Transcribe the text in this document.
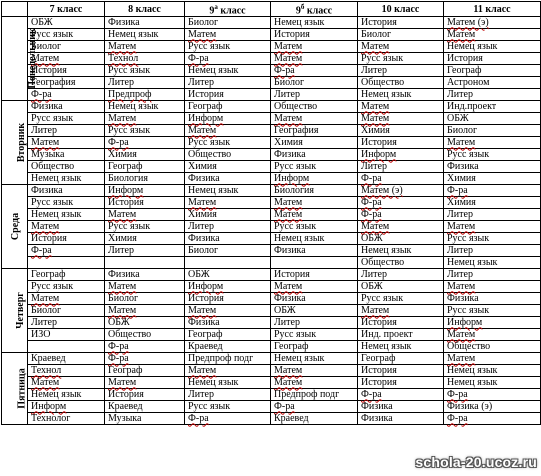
	7 класс	8 класс	$9^а$ класс	$9^б$ класс	10 класс	11 класс
Понедельник	ОБЖ	Физика	Биолог	Немец язык	История	Матем (э)
	Русс язык	Немец язык	Матем	История	Биолог	Матем
	Биолог	Матем	Русс язык	Матем	Матем	Немец язык
	Матем	Технол	Ф-ра	Матем	Русс язык	История
	История	Русс язык	Немец язык	Ф-ра	Литер	Географ
	География	Литер	Литер	Биолог	Общество	Астроном
	Ф-ра	Предпроф	История	Литер	Немец язык	Литер
Вторник	Физика	Немец язык	Географ	Общество	Матем	Инд.проект
	Русс язык	Матем	Информ	Матем	Матем	ОБЖ
	Литер	Русс язык	Матем	География	Химия	Биолог
	Матем	Ф-ра	Русс язык	Химия	История	Матем
	Музыка	Химия	Общество	Физика	Информ	Русс язык
	Общество	Географ	Химия	Русс язык	Литер	Физика
	Немец язык	Биология	Физика	Информ	Ф-ра	Химия
Среда	Физика	Информ	Немец язык	Биология	Матем (э)	Ф-ра
	Русс язык	История	Матем	Матем	Ф-ра	Химия
	Немец язык	Матем	Химия	Матем	Ф-ра	Литер
	Матем	Русс язык	Литер	Русс язык	Матем	Матем
	История	Химия	Физика	Немец язык	ОБЖ	Русс язык
	Ф-ра	Литер	Биолог	Физика	Немец язык	Литер
					Общество	Немец язык
Четверг	Географ	Физика	ОБЖ	История	Литер	Литер
	Русс язык	Матем	Информ	Матем	ОБЖ	Матем
	Матем	Биолог	История	Физика	Русс язык	Физика
	Биолог	Матем	Матем	ОБЖ	Матем	Русс язык
	Литер	ОБЖ	Физика	Литер	История	Информ
	ИЗО	Общество	Географ	Русс язык	Инд. проект	Матем
		Ф-ра	Краевед	Географ	Немец язык	Общество
Пятница	Краевед	Ф-ра	Предпроф подг	Немец язык	Географ	Матем
	Технол	Географ	Матем	Матем	История	Немец язык
	Матем	Матем	Немец язык	Матем	История	Немец язык
	Немец язык	История	Литер	Предпроф подг	Ф-ра	Ф-ра
	Информ	Краевед	Русс язык	Ф-ра	Физика	Физика (э)
	Технолог	Музыка	Ф-ра	Краевед	Физика	Ф-ра
schola-20.ucoz.ru
